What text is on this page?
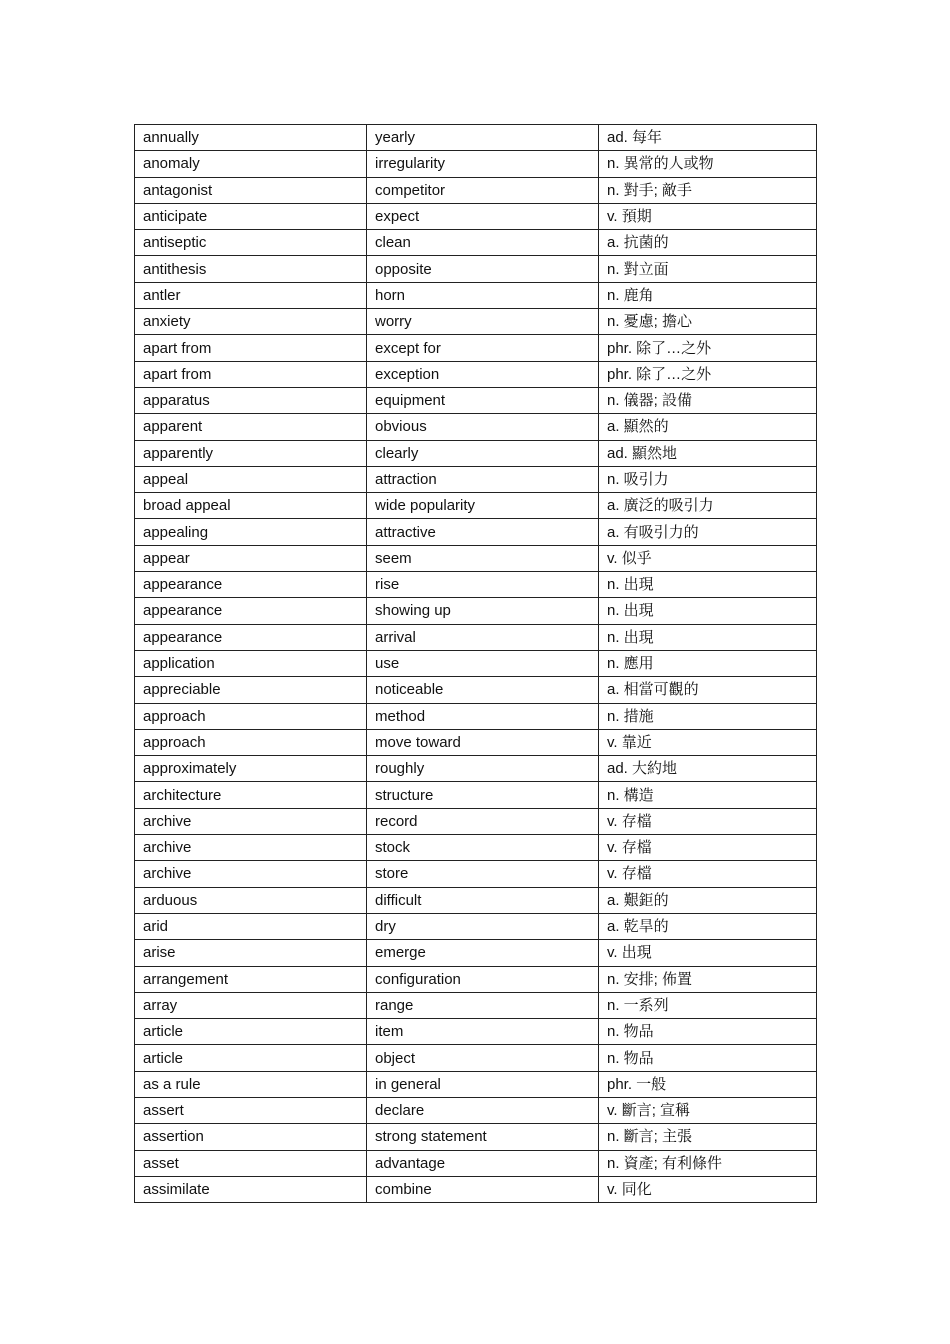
annually	yearly	ad. 每年
anomaly	irregularity	n. 異常的人或物
antagonist	competitor	n. 對手; 敵手
anticipate	expect	v. 預期
antiseptic	clean	a. 抗菌的
antithesis	opposite	n. 對立面
antler	horn	n. 鹿角
anxiety	worry	n. 憂慮; 擔心
apart from	except for	phr. 除了…之外
apart from	exception	phr. 除了…之外
apparatus	equipment	n. 儀器; 設備
apparent	obvious	a. 顯然的
apparently	clearly	ad. 顯然地
appeal	attraction	n. 吸引力
broad appeal	wide popularity	a. 廣泛的吸引力
appealing	attractive	a. 有吸引力的
appear	seem	v. 似乎
appearance	rise	n. 出現
appearance	showing up	n. 出現
appearance	arrival	n. 出現
application	use	n. 應用
appreciable	noticeable	a. 相當可觀的
approach	method	n. 措施
approach	move toward	v. 靠近
approximately	roughly	ad. 大約地
architecture	structure	n. 構造
archive	record	v. 存檔
archive	stock	v. 存檔
archive	store	v. 存檔
arduous	difficult	a. 艱鉅的
arid	dry	a. 乾旱的
arise	emerge	v. 出現
arrangement	configuration	n. 安排; 佈置
array	range	n. 一系列
article	item	n. 物品
article	object	n. 物品
as a rule	in general	phr. 一般
assert	declare	v. 斷言; 宣稱
assertion	strong statement	n. 斷言; 主張
asset	advantage	n. 資產; 有利條件
assimilate	combine	v. 同化
